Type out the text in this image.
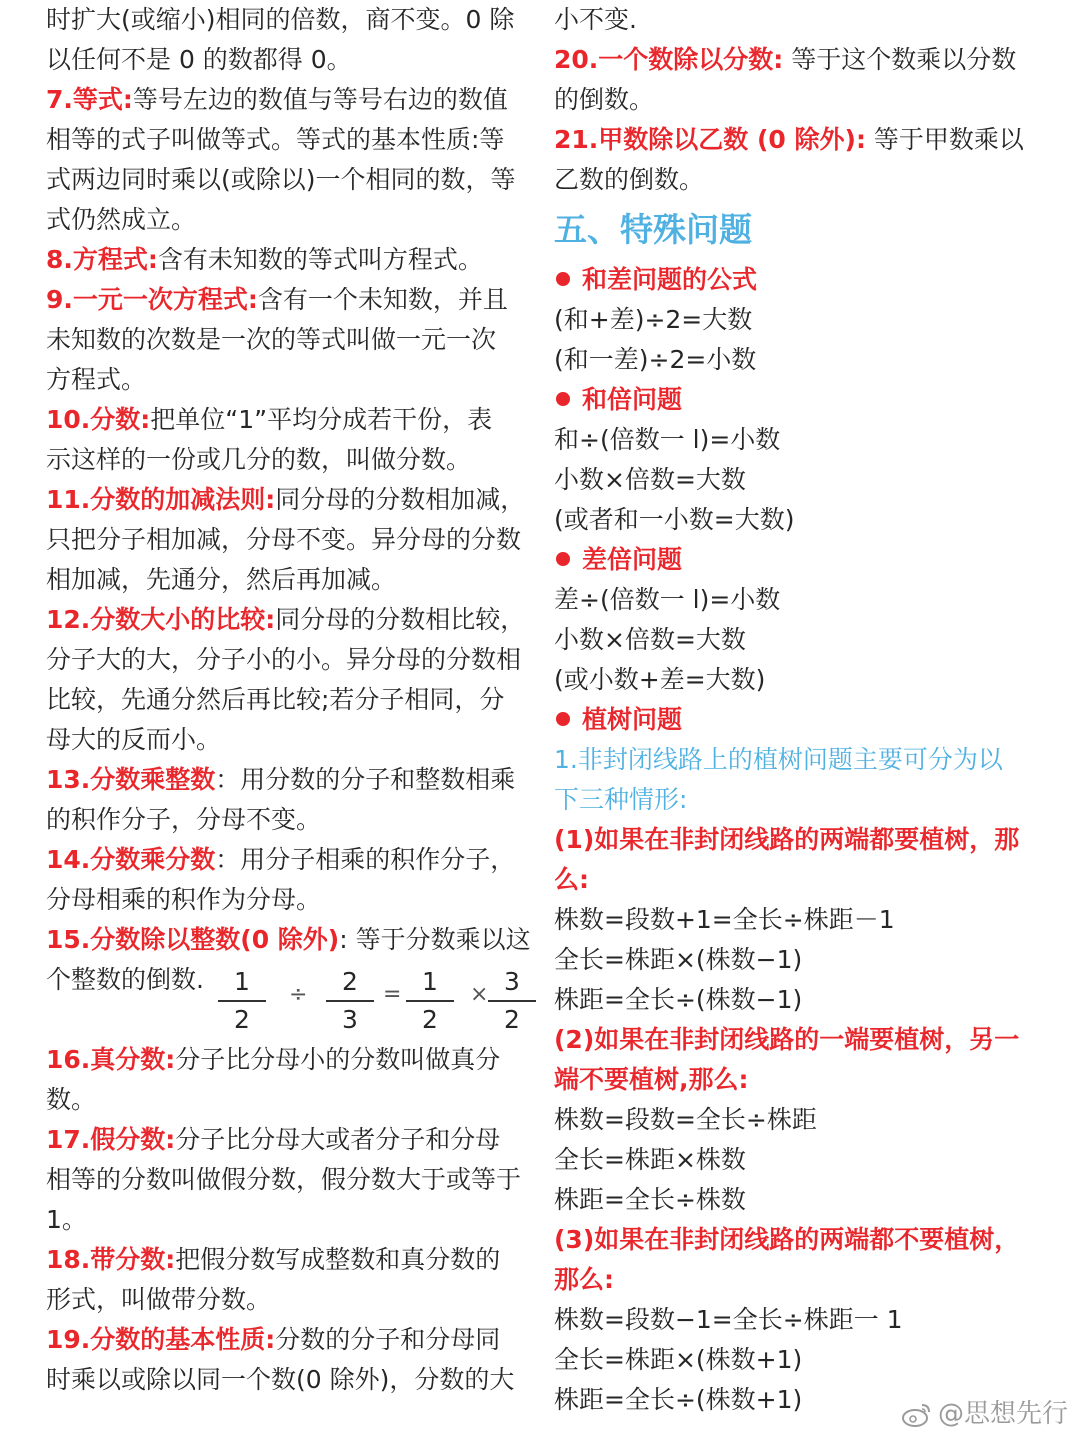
时扩大(或缩小)相同的倍数，商不变。0 除
以任何不是 0 的数都得 0。
7.等式:等号左边的数值与等号右边的数值
相等的式子叫做等式。等式的基本性质:等
式两边同时乘以(或除以)一个相同的数，等
式仍然成立。
8.方程式:含有未知数的等式叫方程式。
9.一元一次方程式:含有一个未知数，并且
未知数的次数是一次的等式叫做一元一次
方程式。
10.分数:把单位“1”平均分成若干份，表
示这样的一份或几分的数，叫做分数。
11.分数的加减法则:同分母的分数相加减，
只把分子相加减，分母不变。异分母的分数
相加减，先通分，然后再加减。
12.分数大小的比较:同分母的分数相比较，
分子大的大，分子小的小。异分母的分数相
比较，先通分然后再比较;若分子相同，分
母大的反而小。
13.分数乘整数：用分数的分子和整数相乘
的积作分子，分母不变。
14.分数乘分数：用分子相乘的积作分子，
分母相乘的积作为分母。
15.分数除以整数(0 除外): 等于分数乘以这
个整数的倒数.	1
2
÷	2
3
= 1
2
× 3
2
16.真分数:分子比分母小的分数叫做真分
数。
17.假分数:分子比分母大或者分子和分母
相等的分数叫做假分数，假分数大于或等于
1。
18.带分数:把假分数写成整数和真分数的
形式，叫做带分数。
19.分数的基本性质:分数的分子和分母同
时乘以或除以同一个数(0 除外)，分数的大
小不变.
20.一个数除以分数: 等于这个数乘以分数
的倒数。
21.甲数除以乙数 (0 除外): 等于甲数乘以
乙数的倒数。
五、特殊问题
和差问题的公式
(和+差)÷2=大数
(和一差)÷2=小数
和倍问题
和÷(倍数一 l)=小数
小数×倍数=大数
(或者和一小数=大数)
差倍问题
差÷(倍数一 l)=小数
小数×倍数=大数
(或小数+差=大数)
植树问题
1.非封闭线路上的植树问题主要可分为以
下三种情形:
(1)如果在非封闭线路的两端都要植树，那
么:
株数=段数+1=全长÷株距－1
全长=株距×(株数−1)
株距=全长÷(株数−1)
(2)如果在非封闭线路的一端要植树，另一
端不要植树,那么:
株数=段数=全长÷株距
全长=株距×株数
株距=全长÷株数
(3)如果在非封闭线路的两端都不要植树，
那么:
株数=段数−1=全长÷株距一 1
全长=株距×(株数+1)
株距=全长÷(株数+1)	@思想先行
